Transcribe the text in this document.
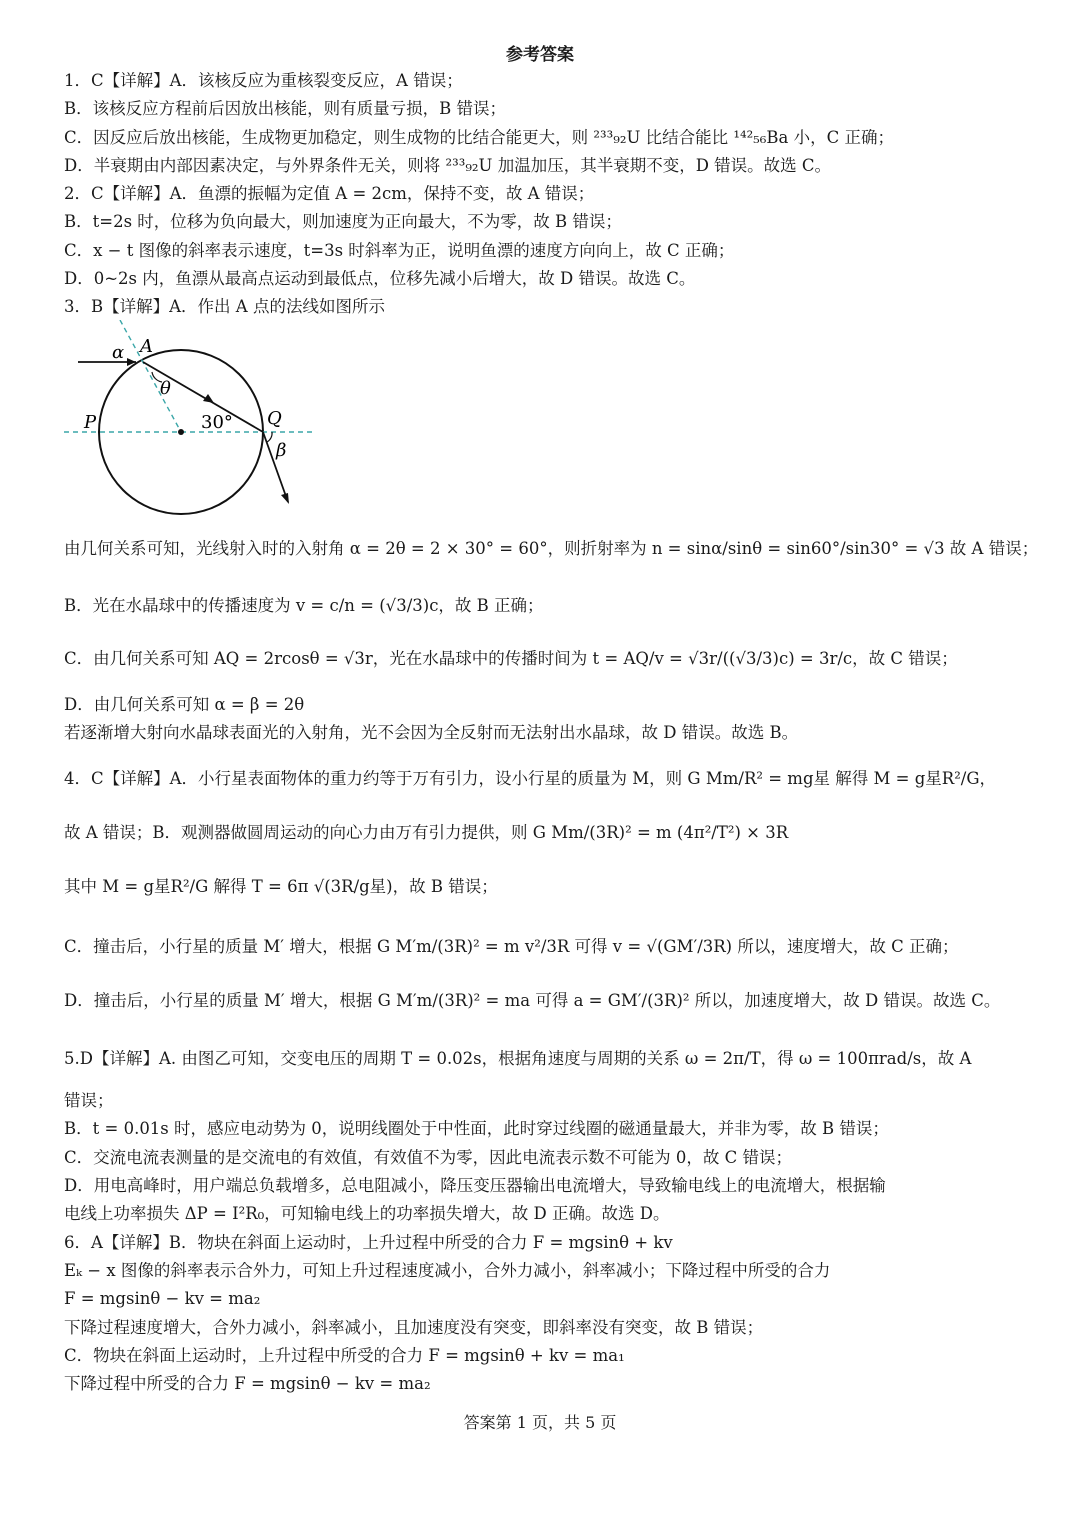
参考答案
1．C【详解】A．该核反应为重核裂变反应，A 错误；
B．该核反应方程前后因放出核能，则有质量亏损，B 错误；
C．因反应后放出核能，生成物更加稳定，则生成物的比结合能更大，则 ²³³₉₂U 比结合能比 ¹⁴²₅₆Ba 小，C 正确；
D．半衰期由内部因素决定，与外界条件无关，则将 ²³³₉₂U 加温加压，其半衰期不变，D 错误。故选 C。
2．C【详解】A．鱼漂的振幅为定值 A = 2cm，保持不变，故 A 错误；
B．t=2s 时，位移为负向最大，则加速度为正向最大，不为零，故 B 错误；
C．x − t 图像的斜率表示速度，t=3s 时斜率为正，说明鱼漂的速度方向向上，故 C 正确；
D．0~2s 内，鱼漂从最高点运动到最低点，位移先减小后增大，故 D 错误。故选 C。
3．B【详解】A．作出 A 点的法线如图所示
α A
θ
P	30° Q
β
由几何关系可知，光线射入时的入射角 α = 2θ = 2 × 30° = 60°，则折射率为 n = sinα/sinθ = sin60°/sin30° = √3 故 A 错误；
B．光在水晶球中的传播速度为 v = c/n = (√3/3)c，故 B 正确；
C．由几何关系可知 AQ = 2rcosθ = √3r，光在水晶球中的传播时间为 t = AQ/v = √3r/((√3/3)c) = 3r/c，故 C 错误；
D．由几何关系可知 α = β = 2θ
若逐渐增大射向水晶球表面光的入射角，光不会因为全反射而无法射出水晶球，故 D 错误。故选 B。
4．C【详解】A．小行星表面物体的重力约等于万有引力，设小行星的质量为 M，则 G Mm/R² = mg星 解得 M = g星R²/G，
故 A 错误；B．观测器做圆周运动的向心力由万有引力提供，则 G Mm/(3R)² = m (4π²/T²) × 3R
其中 M = g星R²/G 解得 T = 6π √(3R/g星)，故 B 错误；
C．撞击后，小行星的质量 M′ 增大，根据 G M′m/(3R)² = m v²/3R 可得 v = √(GM′/3R) 所以，速度增大，故 C 正确；
D．撞击后，小行星的质量 M′ 增大，根据 G M′m/(3R)² = ma 可得 a = GM′/(3R)² 所以，加速度增大，故 D 错误。故选 C。
5.D【详解】A. 由图乙可知，交变电压的周期 T = 0.02s，根据角速度与周期的关系 ω = 2π/T，得 ω = 100πrad/s，故 A
错误；
B．t = 0.01s 时，感应电动势为 0，说明线圈处于中性面，此时穿过线圈的磁通量最大，并非为零，故 B 错误；
C．交流电流表测量的是交流电的有效值，有效值不为零，因此电流表示数不可能为 0，故 C 错误；
D．用电高峰时，用户端总负载增多，总电阻减小，降压变压器输出电流增大，导致输电线上的电流增大，根据输
电线上功率损失 ΔP = I²R₀，可知输电线上的功率损失增大，故 D 正确。故选 D。
6．A【详解】B．物块在斜面上运动时，上升过程中所受的合力 F = mgsinθ + kv
Eₖ − x 图像的斜率表示合外力，可知上升过程速度减小，合外力减小，斜率减小；下降过程中所受的合力
F = mgsinθ − kv = ma₂
下降过程速度增大，合外力减小，斜率减小，且加速度没有突变，即斜率没有突变，故 B 错误；
C．物块在斜面上运动时，上升过程中所受的合力 F = mgsinθ + kv = ma₁
下降过程中所受的合力 F = mgsinθ − kv = ma₂
答案第 1 页，共 5 页
